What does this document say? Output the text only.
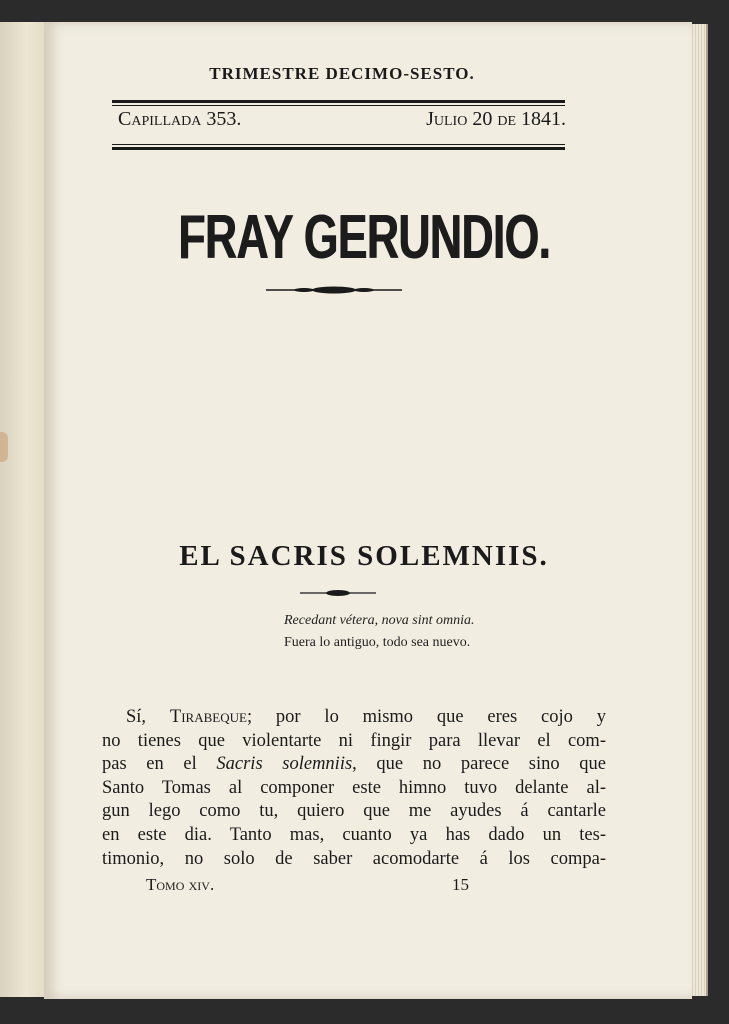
TRIMESTRE DECIMO-SESTO.
Capillada 353.	Julio 20 de 1841.
FRAY GERUNDIO.
EL SACRIS SOLEMNIIS.
Recedant vétera, nova sint omnia.
Fuera lo antiguo, todo sea nuevo.
Sí, Tirabeque; por lo mismo que eres cojo y
no tienes que violentarte ni fingir para llevar el com-
pas en el Sacris solemniis, que no parece sino que
Santo Tomas al componer este himno tuvo delante al-
gun lego como tu, quiero que me ayudes á cantarle
en este dia. Tanto mas, cuanto ya has dado un tes-
timonio, no solo de saber acomodarte á los compa-
Tomo xiv.	15
